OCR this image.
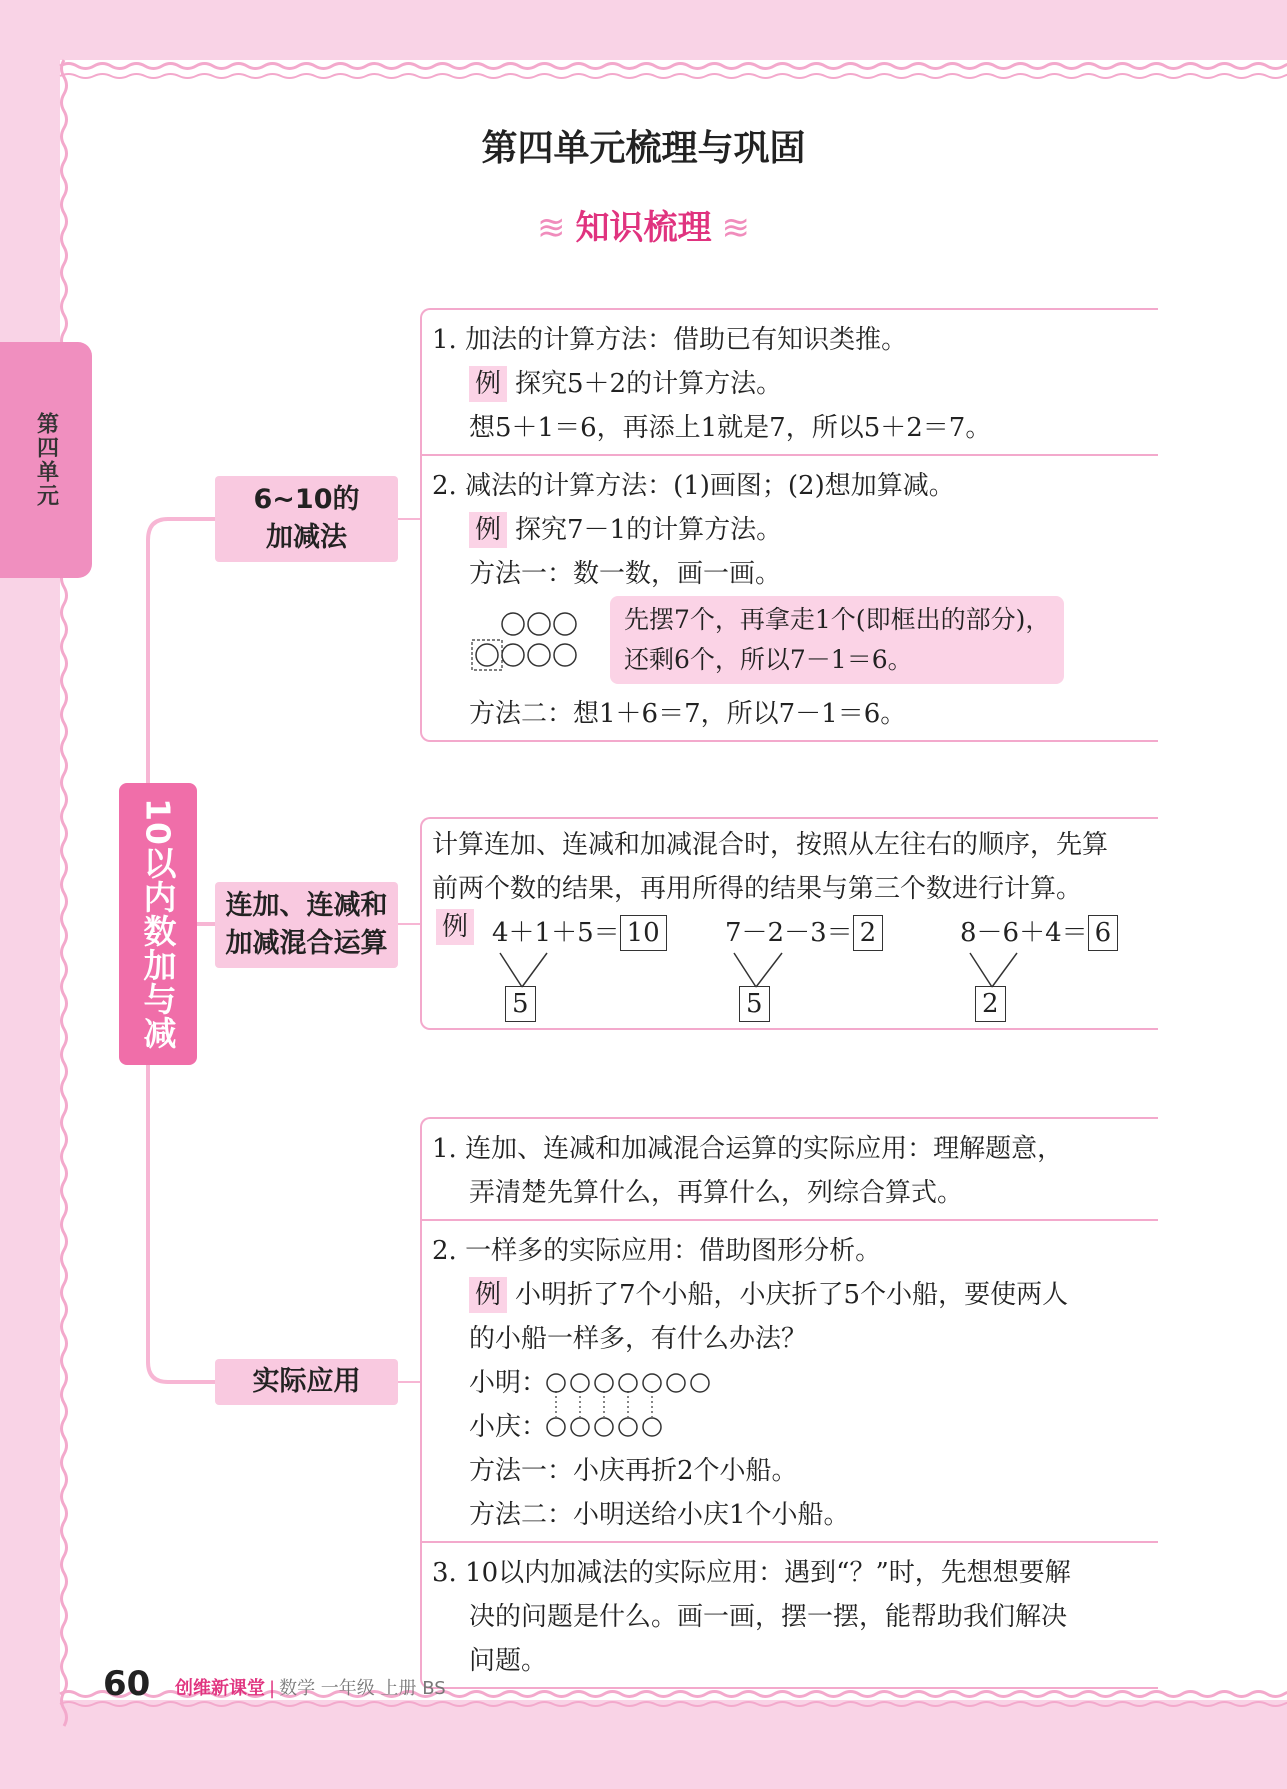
第四单元梳理与巩固
≋ 知识梳理 ≋
第四单元
10以内数加与减
6~10的
加减法
连加、连减和
加减混合运算
实际应用
1. 加法的计算方法：借助已有知识类推。
例 探究5＋2的计算方法。
想5＋1＝6，再添上1就是7，所以5＋2＝7。
2. 减法的计算方法：(1)画图；(2)想加算减。
例 探究7－1的计算方法。
方法一：数一数，画一画。
先摆7个，再拿走1个(即框出的部分)，
还剩6个，所以7－1＝6。
方法二：想1＋6＝7，所以7－1＝6。
计算连加、连减和加减混合时，按照从左往右的顺序，先算
前两个数的结果，再用所得的结果与第三个数进行计算。
例 4＋1＋5＝ 10	7－2－3＝ 2	8－6＋4＝ 6
5	5	2
1. 连加、连减和加减混合运算的实际应用：理解题意，
弄清楚先算什么，再算什么，列综合算式。
2. 一样多的实际应用：借助图形分析。
例 小明折了7个小船，小庆折了5个小船，要使两人
的小船一样多，有什么办法？
小明：
小庆：
方法一：小庆再折2个小船。
方法二：小明送给小庆1个小船。
3. 10以内加减法的实际应用：遇到“？”时，先想想要解
决的问题是什么。画一画，摆一摆，能帮助我们解决
问题。
60 创维新课堂 | 数学 一年级 上册 BS
